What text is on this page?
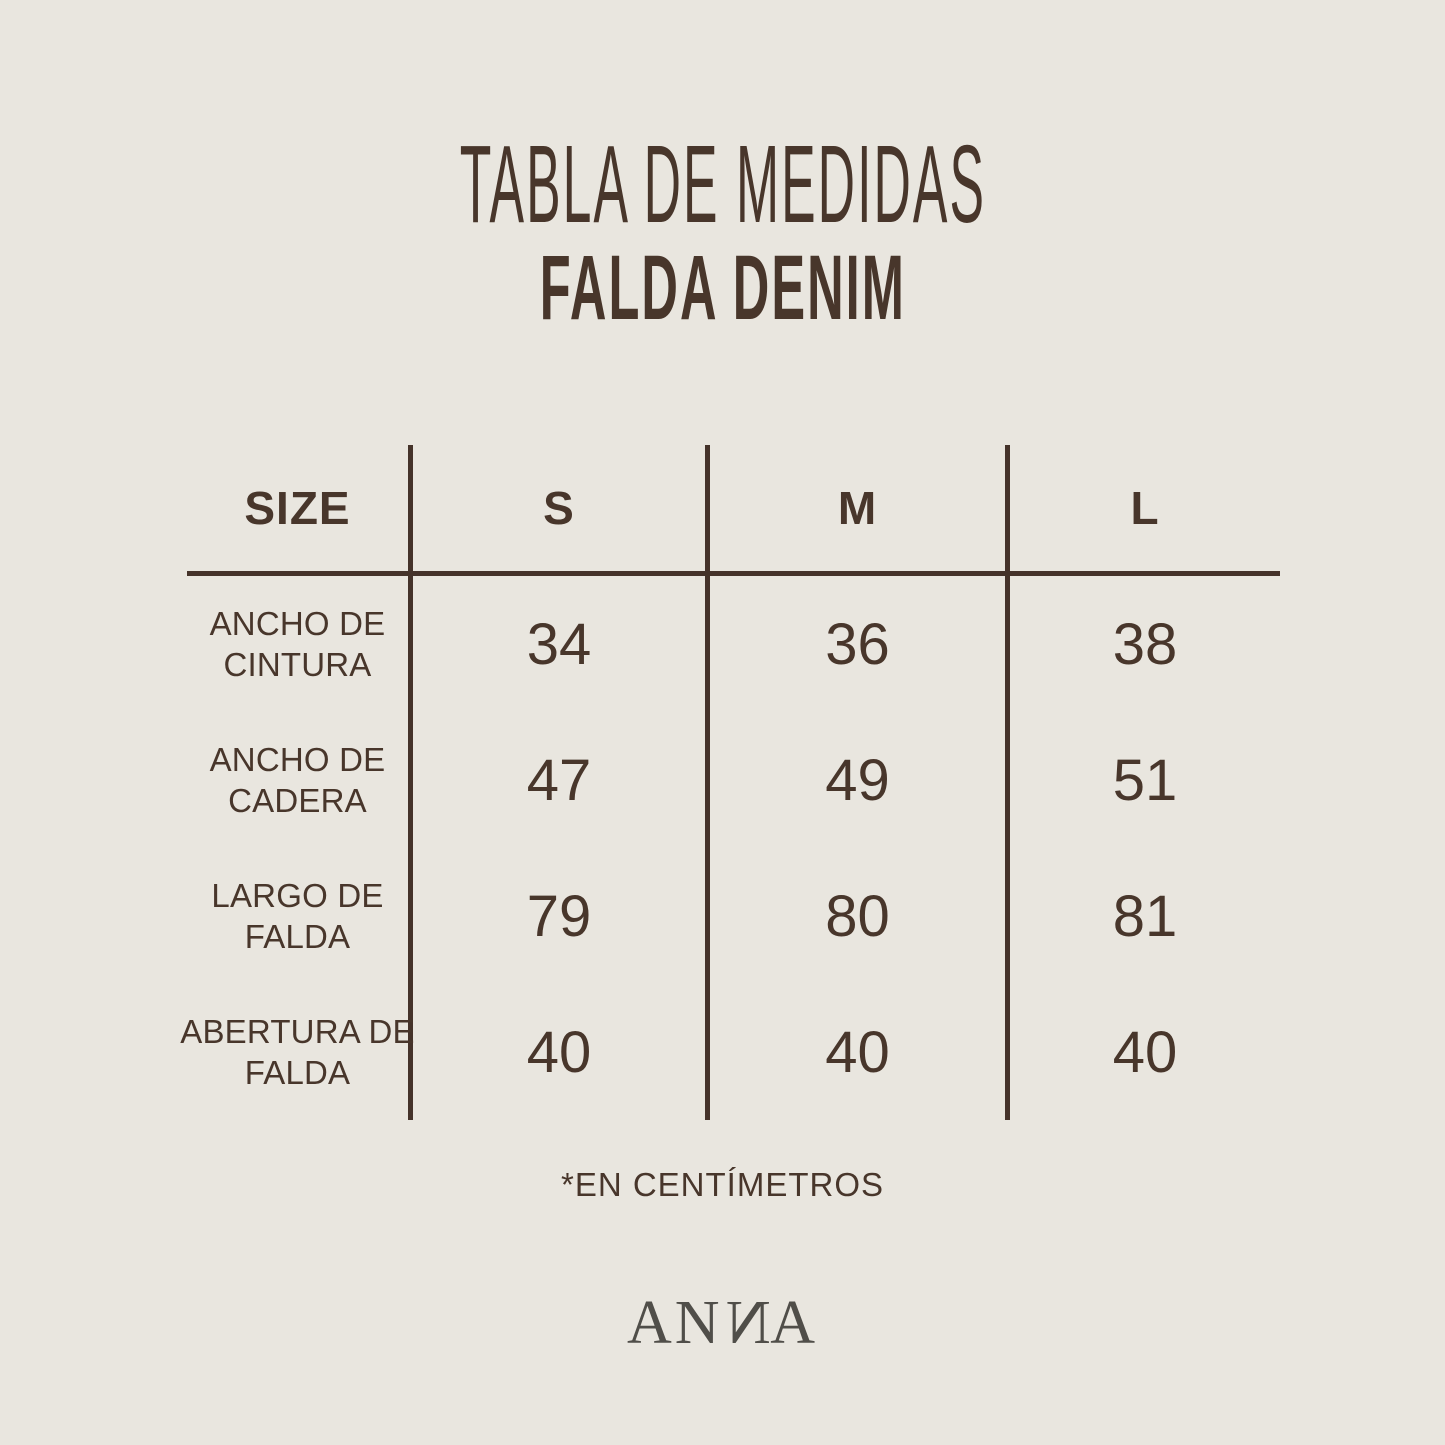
TABLA DE MEDIDAS
FALDA DENIM
SIZE	S	M	L
ANCHO DE CINTURA	34	36	38
ANCHO DE CADERA	47	49	51
LARGO DE FALDA	79	80	81
ABERTURA DE FALDA	40	40	40
*EN CENTÍMETROS
ANNA
